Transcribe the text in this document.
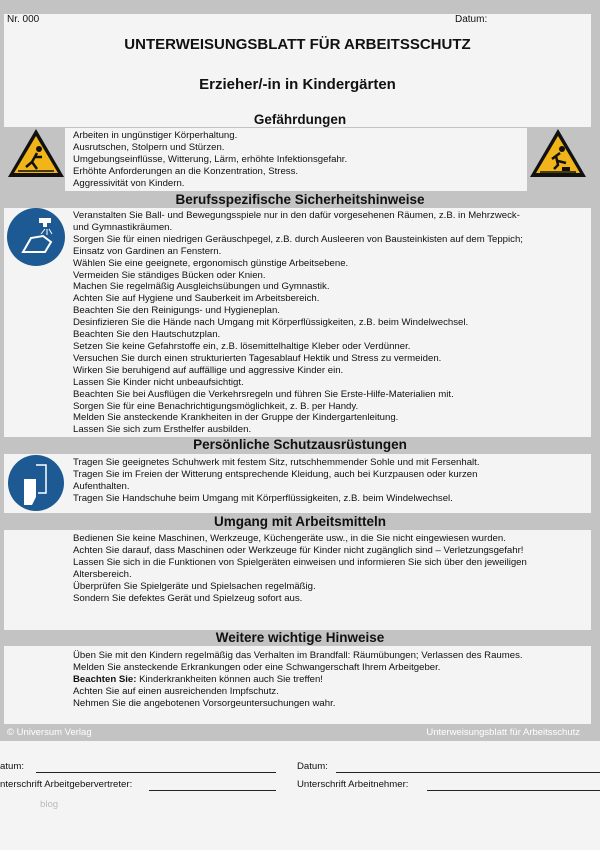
Nr. 000	Datum:
UNTERWEISUNGSBLATT FÜR ARBEITSSCHUTZ
Erzieher/-in in Kindergärten
Gefährdungen
Arbeiten in ungünstiger Körperhaltung.
Ausrutschen, Stolpern und Stürzen.
Umgebungseinflüsse, Witterung, Lärm, erhöhte Infektionsgefahr.
Erhöhte Anforderungen an die Konzentration, Stress.
Aggressivität von Kindern.
Berufsspezifische Sicherheitshinweise
Veranstalten Sie Ball- und Bewegungsspiele nur in den dafür vorgesehenen Räumen, z.B. in Mehrzweck- und Gymnastikräumen.
Sorgen Sie für einen niedrigen Geräuschpegel, z.B. durch Ausleeren von Bausteinkisten auf dem Teppich; Einsatz von Gardinen an Fenstern.
Wählen Sie eine geeignete, ergonomisch günstige Arbeitsebene.
Vermeiden Sie ständiges Bücken oder Knien.
Machen Sie regelmäßig Ausgleichsübungen und Gymnastik.
Achten Sie auf Hygiene und Sauberkeit im Arbeitsbereich.
Beachten Sie den Reinigungs- und Hygieneplan.
Desinfizieren Sie die Hände nach Umgang mit Körperflüssigkeiten, z.B. beim Windelwechsel.
Beachten Sie den Hautschutzplan.
Setzen Sie keine Gefahrstoffe ein, z.B. lösemittelhaltige Kleber oder Verdünner.
Versuchen Sie durch einen strukturierten Tagesablauf Hektik und Stress zu vermeiden.
Wirken Sie beruhigend auf auffällige und aggressive Kinder ein.
Lassen Sie Kinder nicht unbeaufsichtigt.
Beachten Sie bei Ausflügen die Verkehrsregeln und führen Sie Erste-Hilfe-Materialien mit.
Sorgen Sie für eine Benachrichtigungsmöglichkeit, z. B. per Handy.
Melden Sie ansteckende Krankheiten in der Gruppe der Kindergartenleitung.
Lassen Sie sich zum Ersthelfer ausbilden.
Persönliche Schutzausrüstungen
Tragen Sie geeignetes Schuhwerk mit festem Sitz, rutschhemmender Sohle und mit Fersenhalt.
Tragen Sie im Freien der Witterung entsprechende Kleidung, auch bei Kurzpausen oder kurzen Aufenthalten.
Tragen Sie Handschuhe beim Umgang mit Körperflüssigkeiten, z.B. beim Windelwechsel.
Umgang mit Arbeitsmitteln
Bedienen Sie keine Maschinen, Werkzeuge, Küchengeräte usw., in die Sie nicht eingewiesen wurden.
Achten Sie darauf, dass Maschinen oder Werkzeuge für Kinder nicht zugänglich sind – Verletzungsgefahr!
Lassen Sie sich in die Funktionen von Spielgeräten einweisen und informieren Sie sich über den jeweiligen Altersbereich.
Überprüfen Sie Spielgeräte und Spielsachen regelmäßig.
Sondern Sie defektes Gerät und Spielzeug sofort aus.
Weitere wichtige Hinweise
Üben Sie mit den Kindern regelmäßig das Verhalten im Brandfall: Räumübungen; Verlassen des Raumes.
Melden Sie ansteckende Erkrankungen oder eine Schwangerschaft Ihrem Arbeitgeber.
Beachten Sie: Kinderkrankheiten können auch Sie treffen!
Achten Sie auf einen ausreichenden Impfschutz.
Nehmen Sie die angebotenen Vorsorgeuntersuchungen wahr.
© Universum Verlag	Unterweisungsblatt für Arbeitsschutz
atum:
nterschrift Arbeitgebervertreter:
Datum:
Unterschrift Arbeitnehmer:
blog
